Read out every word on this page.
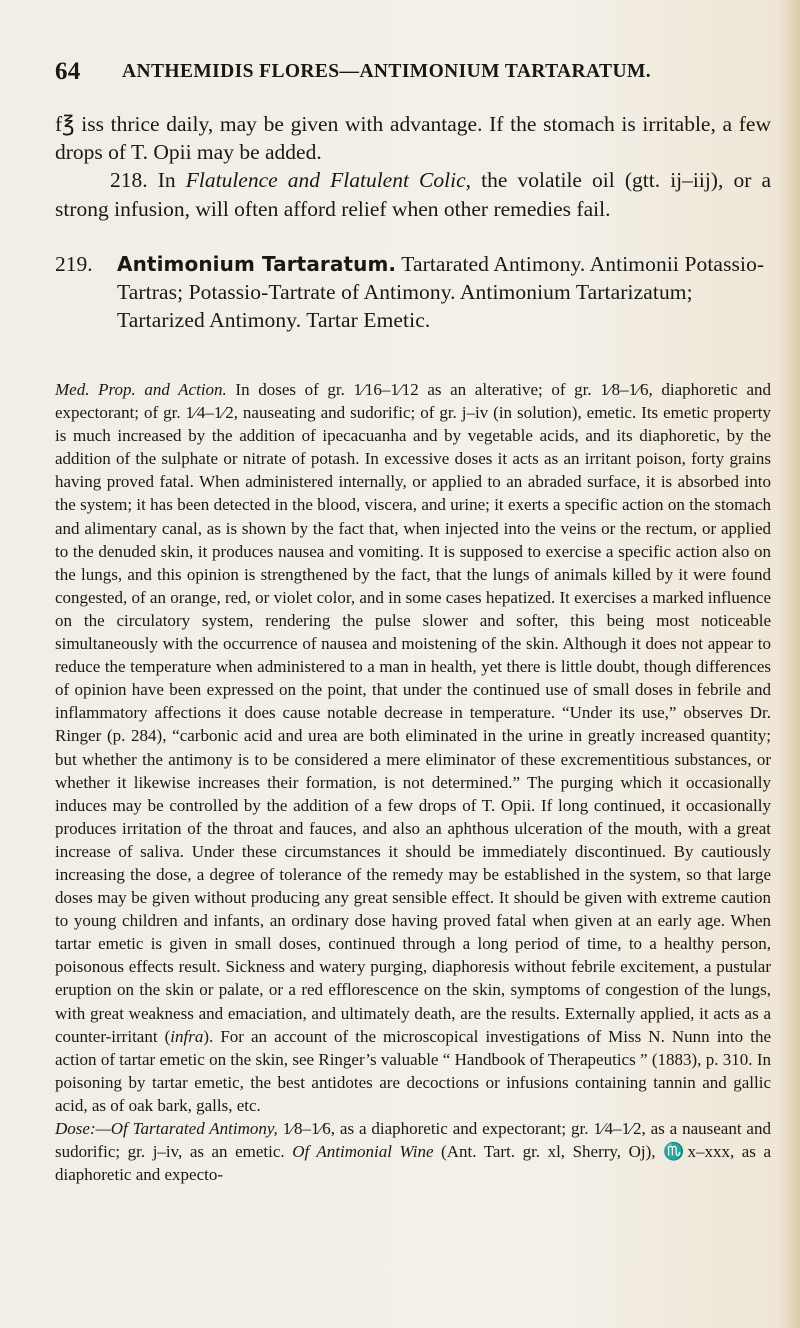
64 ANTHEMIDIS FLORES—ANTIMONIUM TARTARATUM.

f℥ iss thrice daily, may be given with advantage. If the stomach is irritable, a few drops of T. Opii may be added.

218. In Flatulence and Flatulent Colic, the volatile oil (gtt. ij–iij), or a strong infusion, will often afford relief when other remedies fail.

219.	Antimonium Tartaratum. Tartarated Antimony. Antimonii Potassio-Tartras; Potassio-Tartrate of Antimony. Antimonium Tartarizatum; Tartarized Antimony. Tartar Emetic.

Med. Prop. and Action. In doses of gr. 1⁄16–1⁄12 as an alterative; of gr. 1⁄8–1⁄6, diaphoretic and expectorant; of gr. 1⁄4–1⁄2, nauseating and sudorific; of gr. j–iv (in solution), emetic. Its emetic property is much increased by the addition of ipecacuanha and by vegetable acids, and its diaphoretic, by the addition of the sulphate or nitrate of potash. In excessive doses it acts as an irritant poison, forty grains having proved fatal. When administered internally, or applied to an abraded surface, it is absorbed into the system; it has been detected in the blood, viscera, and urine; it exerts a specific action on the stomach and alimentary canal, as is shown by the fact that, when injected into the veins or the rectum, or applied to the denuded skin, it produces nausea and vomiting. It is supposed to exercise a specific action also on the lungs, and this opinion is strengthened by the fact, that the lungs of animals killed by it were found congested, of an orange, red, or violet color, and in some cases hepatized. It exercises a marked influence on the circulatory system, rendering the pulse slower and softer, this being most noticeable simultaneously with the occurrence of nausea and moistening of the skin. Although it does not appear to reduce the temperature when administered to a man in health, yet there is little doubt, though differences of opinion have been expressed on the point, that under the continued use of small doses in febrile and inflammatory affections it does cause notable decrease in temperature. “Under its use,” observes Dr. Ringer (p. 284), “carbonic acid and urea are both eliminated in the urine in greatly increased quantity; but whether the antimony is to be considered a mere eliminator of these excrementitious substances, or whether it likewise increases their formation, is not determined.” The purging which it occasionally induces may be controlled by the addition of a few drops of T. Opii. If long continued, it occasionally produces irritation of the throat and fauces, and also an aphthous ulceration of the mouth, with a great increase of saliva. Under these circumstances it should be immediately discontinued. By cautiously increasing the dose, a degree of tolerance of the remedy may be established in the system, so that large doses may be given without producing any great sensible effect. It should be given with extreme caution to young children and infants, an ordinary dose having proved fatal when given at an early age. When tartar emetic is given in small doses, continued through a long period of time, to a healthy person, poisonous effects result. Sickness and watery purging, diaphoresis without febrile excitement, a pustular eruption on the skin or palate, or a red efflorescence on the skin, symptoms of congestion of the lungs, with great weakness and emaciation, and ultimately death, are the results. Externally applied, it acts as a counter-irritant (infra). For an account of the microscopical investigations of Miss N. Nunn into the action of tartar emetic on the skin, see Ringer’s valuable “ Handbook of Therapeutics ” (1883), p. 310. In poisoning by tartar emetic, the best antidotes are decoctions or infusions containing tannin and gallic acid, as of oak bark, galls, etc.

Dose:—Of Tartarated Antimony, 1⁄8–1⁄6, as a diaphoretic and expectorant; gr. 1⁄4–1⁄2, as a nauseant and sudorific; gr. j–iv, as an emetic. Of Antimonial Wine (Ant. Tart. gr. xl, Sherry, Oj), ♏x–xxx, as a diaphoretic and expecto-
